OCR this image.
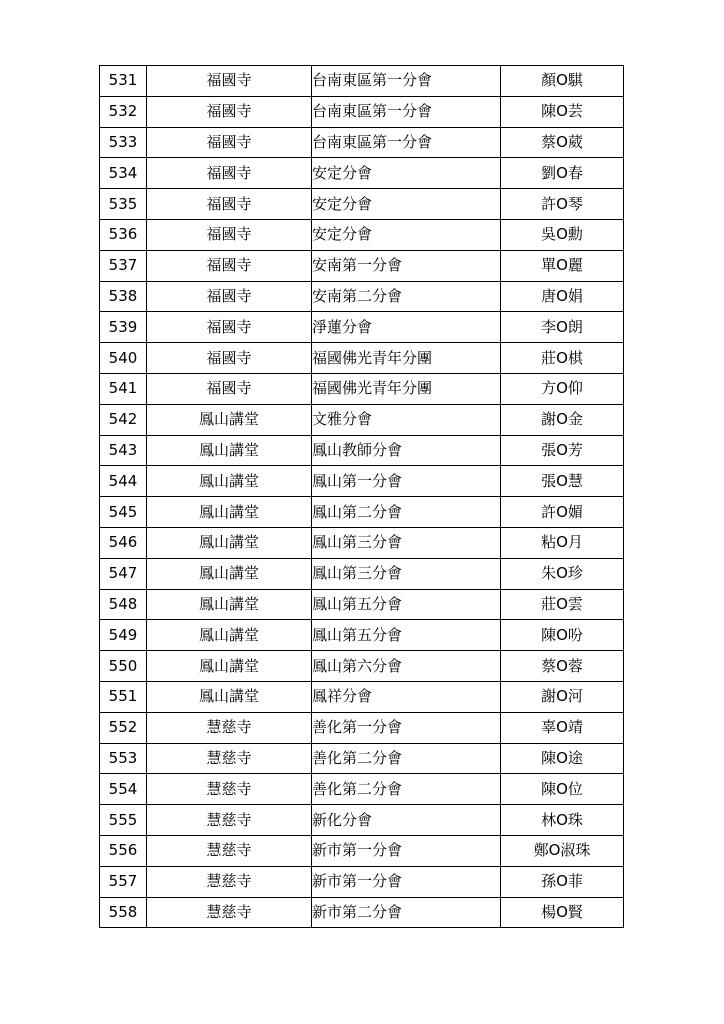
531	福國寺	台南東區第一分會	顏O騏
532	福國寺	台南東區第一分會	陳O芸
533	福國寺	台南東區第一分會	蔡O葳
534	福國寺	安定分會	劉O春
535	福國寺	安定分會	許O琴
536	福國寺	安定分會	吳O勳
537	福國寺	安南第一分會	單O麗
538	福國寺	安南第二分會	唐O娟
539	福國寺	淨蓮分會	李O朗
540	福國寺	福國佛光青年分團	莊O棋
541	福國寺	福國佛光青年分團	方O仰
542	鳳山講堂	文雅分會	謝O金
543	鳳山講堂	鳳山教師分會	張O芳
544	鳳山講堂	鳳山第一分會	張O慧
545	鳳山講堂	鳳山第二分會	許O媚
546	鳳山講堂	鳳山第三分會	粘O月
547	鳳山講堂	鳳山第三分會	朱O珍
548	鳳山講堂	鳳山第五分會	莊O雲
549	鳳山講堂	鳳山第五分會	陳O吩
550	鳳山講堂	鳳山第六分會	蔡O蓉
551	鳳山講堂	鳳祥分會	謝O河
552	慧慈寺	善化第一分會	辜O靖
553	慧慈寺	善化第二分會	陳O途
554	慧慈寺	善化第二分會	陳O位
555	慧慈寺	新化分會	林O珠
556	慧慈寺	新市第一分會	鄭O淑珠
557	慧慈寺	新市第一分會	孫O菲
558	慧慈寺	新市第二分會	楊O賢
